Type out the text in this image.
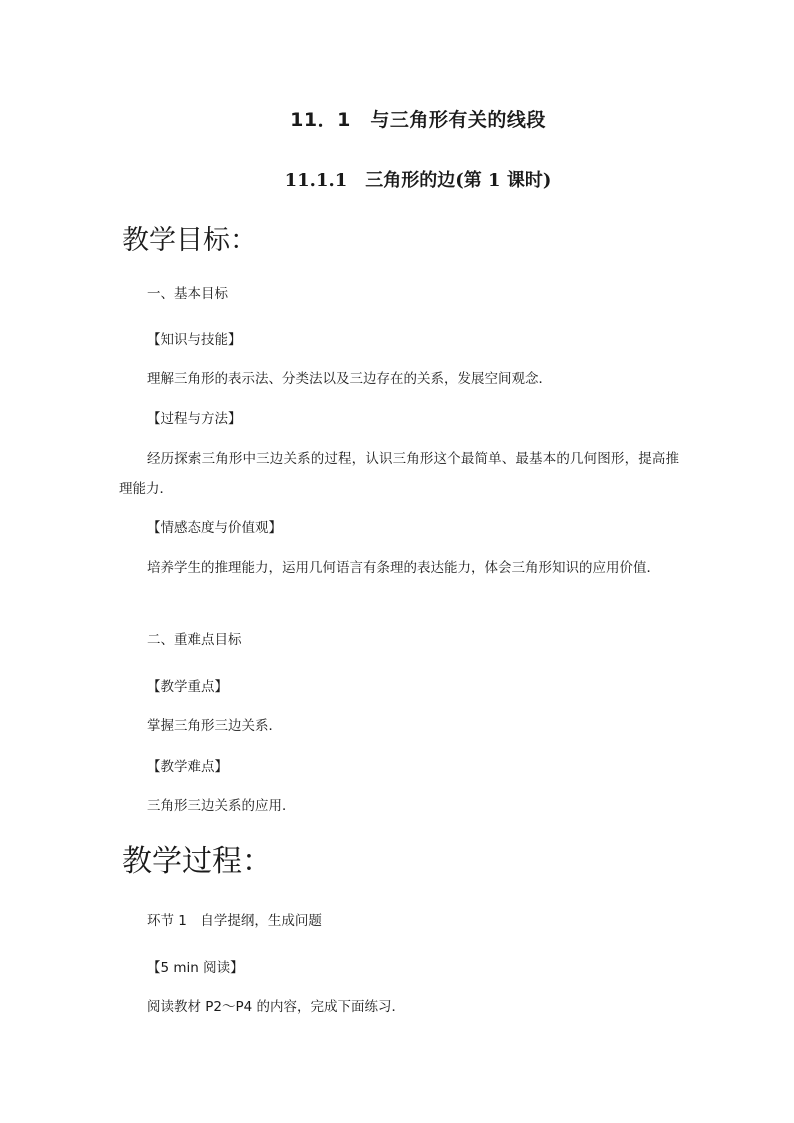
11．1　与三角形有关的线段
11.1.1　三角形的边(第 1 课时)
教学目标：
一、基本目标
【知识与技能】
理解三角形的表示法、分类法以及三边存在的关系，发展空间观念．
【过程与方法】
经历探索三角形中三边关系的过程，认识三角形这个最简单、最基本的几何图形，提高推理能力．
【情感态度与价值观】
培养学生的推理能力，运用几何语言有条理的表达能力，体会三角形知识的应用价值．
二、重难点目标
【教学重点】
掌握三角形三边关系．
【教学难点】
三角形三边关系的应用．
教学过程：
环节 1　自学提纲，生成问题
【5 min 阅读】
阅读教材 P2～P4 的内容，完成下面练习．
